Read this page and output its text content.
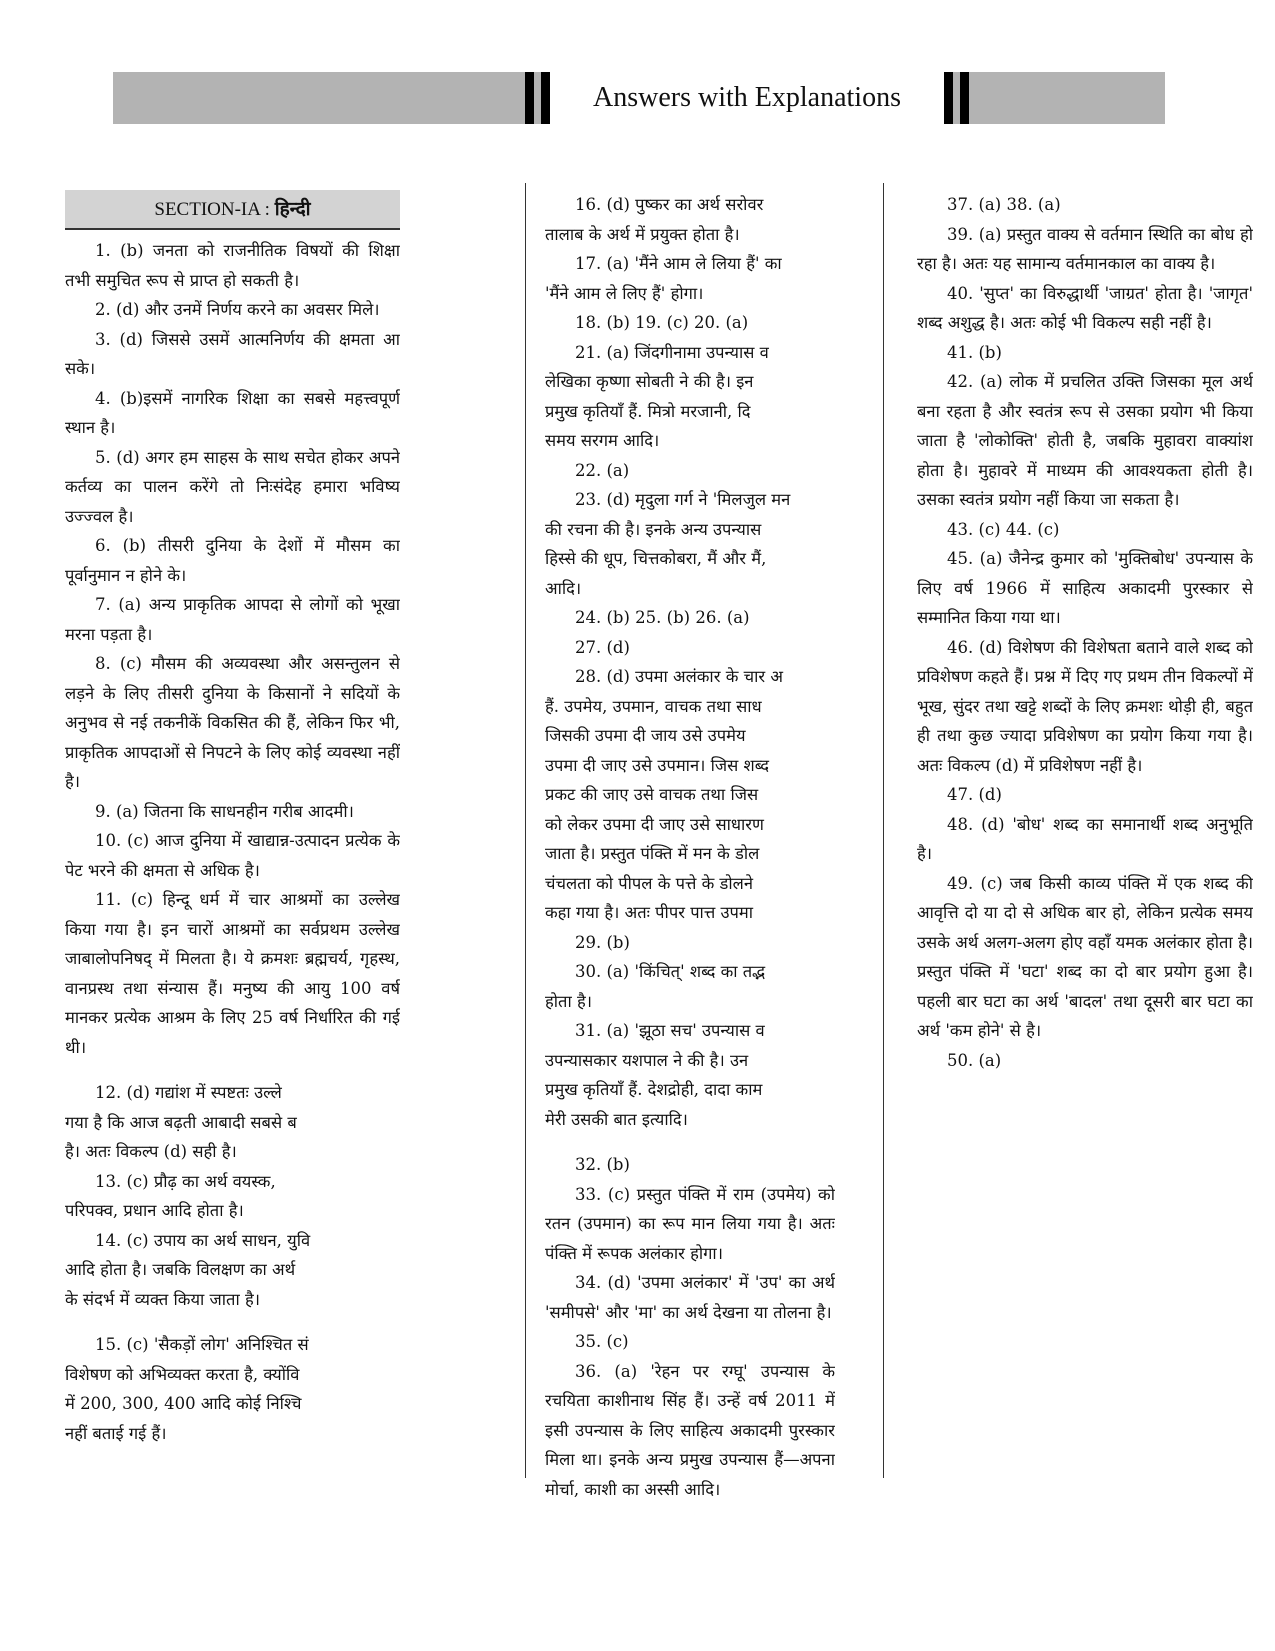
Answers with Explanations
SECTION-IA : हिन्दी

1. (b) जनता को राजनीतिक विषयों की शिक्षा तभी समुचित रूप से प्राप्त हो सकती है।

2. (d) और उनमें निर्णय करने का अवसर मिले।

3. (d) जिससे उसमें आत्मनिर्णय की क्षमता आ सके।

4. (b)इसमें नागरिक शिक्षा का सबसे महत्त्वपूर्ण स्थान है।

5. (d) अगर हम साहस के साथ सचेत होकर अपने कर्तव्य का पालन करेंगे तो निःसंदेह हमारा भविष्य उज्ज्वल है।

6. (b) तीसरी दुनिया के देशों में मौसम का पूर्वानुमान न होने के।

7. (a) अन्य प्राकृतिक आपदा से लोगों को भूखा मरना पड़ता है।

8. (c) मौसम की अव्यवस्था और असन्तुलन से लड़ने के लिए तीसरी दुनिया के किसानों ने सदियों के अनुभव से नई तकनीकें विकसित की हैं, लेकिन फिर भी, प्राकृतिक आपदाओं से निपटने के लिए कोई व्यवस्था नहीं है।

9. (a) जितना कि साधनहीन गरीब आदमी।

10. (c) आज दुनिया में खाद्यान्न-उत्पादन प्रत्येक के पेट भरने की क्षमता से अधिक है।

11. (c) हिन्दू धर्म में चार आश्रमों का उल्लेख किया गया है। इन चारों आश्रमों का सर्वप्रथम उल्लेख जाबालोपनिषद् में मिलता है। ये क्रमशः ब्रह्मचर्य, गृहस्थ, वानप्रस्थ तथा संन्यास हैं। मनुष्य की आयु 100 वर्ष मानकर प्रत्येक आश्रम के लिए 25 वर्ष निर्धारित की गई थी।

12. (d) गद्यांश में स्पष्टतः उल्ले

गया है कि आज बढ़ती आबादी सबसे ब

है। अतः विकल्प (d) सही है।

13. (c) प्रौढ़ का अर्थ वयस्क,

परिपक्व, प्रधान आदि होता है।

14. (c) उपाय का अर्थ साधन, युवि

आदि होता है। जबकि विलक्षण का अर्थ

के संदर्भ में व्यक्त किया जाता है।

15. (c) 'सैकड़ों लोग' अनिश्चित सं

विशेषण को अभिव्यक्त करता है, क्योंवि

में 200, 300, 400 आदि कोई निश्चि

नहीं बताई गई हैं।

16. (d) पुष्कर का अर्थ सरोवर

तालाब के अर्थ में प्रयुक्त होता है।

17. (a) 'मैंने आम ले लिया हैं' का

'मैंने आम ले लिए हैं' होगा।

18. (b) 19. (c) 20. (a)

21. (a) जिंदगीनामा उपन्यास व

लेखिका कृष्णा सोबती ने की है। इन

प्रमुख कृतियाँ हैं. मित्रो मरजानी, दि

समय सरगम आदि।

22. (a)

23. (d) मृदुला गर्ग ने 'मिलजुल मन

की रचना की है। इनके अन्य उपन्यास

हिस्से की धूप, चित्तकोबरा, मैं और मैं,

आदि।

24. (b) 25. (b) 26. (a)

27. (d)

28. (d) उपमा अलंकार के चार अ

हैं. उपमेय, उपमान, वाचक तथा साध

जिसकी उपमा दी जाय उसे उपमेय

उपमा दी जाए उसे उपमान। जिस शब्द

प्रकट की जाए उसे वाचक तथा जिस

को लेकर उपमा दी जाए उसे साधारण

जाता है। प्रस्तुत पंक्ति में मन के डोल

चंचलता को पीपल के पत्ते के डोलने

कहा गया है। अतः पीपर पात्त उपमा

29. (b)

30. (a) 'किंचित्' शब्द का तद्भ

होता है।

31. (a) 'झूठा सच' उपन्यास व

उपन्यासकार यशपाल ने की है। उन

प्रमुख कृतियाँ हैं. देशद्रोही, दादा काम

मेरी उसकी बात इत्यादि।

32. (b)

33. (c) प्रस्तुत पंक्ति में राम (उपमेय) को रतन (उपमान) का रूप मान लिया गया है। अतः पंक्ति में रूपक अलंकार होगा।

34. (d) 'उपमा अलंकार' में 'उप' का अर्थ 'समीपसे' और 'मा' का अर्थ देखना या तोलना है।

35. (c)

36. (a) 'रेहन पर रग्घू' उपन्यास के रचयिता काशीनाथ सिंह हैं। उन्हें वर्ष 2011 में इसी उपन्यास के लिए साहित्य अकादमी पुरस्कार मिला था। इनके अन्य प्रमुख उपन्यास हैं—अपना मोर्चा, काशी का अस्सी आदि।

37. (a) 38. (a)

39. (a) प्रस्तुत वाक्य से वर्तमान स्थिति का बोध हो रहा है। अतः यह सामान्य वर्तमानकाल का वाक्य है।

40. 'सुप्त' का विरुद्धार्थी 'जाग्रत' होता है। 'जागृत' शब्द अशुद्ध है। अतः कोई भी विकल्प सही नहीं है।

41. (b)

42. (a) लोक में प्रचलित उक्ति जिसका मूल अर्थ बना रहता है और स्वतंत्र रूप से उसका प्रयोग भी किया जाता है 'लोकोक्ति' होती है, जबकि मुहावरा वाक्यांश होता है। मुहावरे में माध्यम की आवश्यकता होती है। उसका स्वतंत्र प्रयोग नहीं किया जा सकता है।

43. (c) 44. (c)

45. (a) जैनेन्द्र कुमार को 'मुक्तिबोध' उपन्यास के लिए वर्ष 1966 में साहित्य अकादमी पुरस्कार से सम्मानित किया गया था।

46. (d) विशेषण की विशेषता बताने वाले शब्द को प्रविशेषण कहते हैं। प्रश्न में दिए गए प्रथम तीन विकल्पों में भूख, सुंदर तथा खट्टे शब्दों के लिए क्रमशः थोड़ी ही, बहुत ही तथा कुछ ज्यादा प्रविशेषण का प्रयोग किया गया है। अतः विकल्प (d) में प्रविशेषण नहीं है।

47. (d)

48. (d) 'बोध' शब्द का समानार्थी शब्द अनुभूति है।

49. (c) जब किसी काव्य पंक्ति में एक शब्द की आवृत्ति दो या दो से अधिक बार हो, लेकिन प्रत्येक समय उसके अर्थ अलग-अलग होए वहाँ यमक अलंकार होता है। प्रस्तुत पंक्ति में 'घटा' शब्द का दो बार प्रयोग हुआ है। पहली बार घटा का अर्थ 'बादल' तथा दूसरी बार घटा का अर्थ 'कम होने' से है।

50. (a)
